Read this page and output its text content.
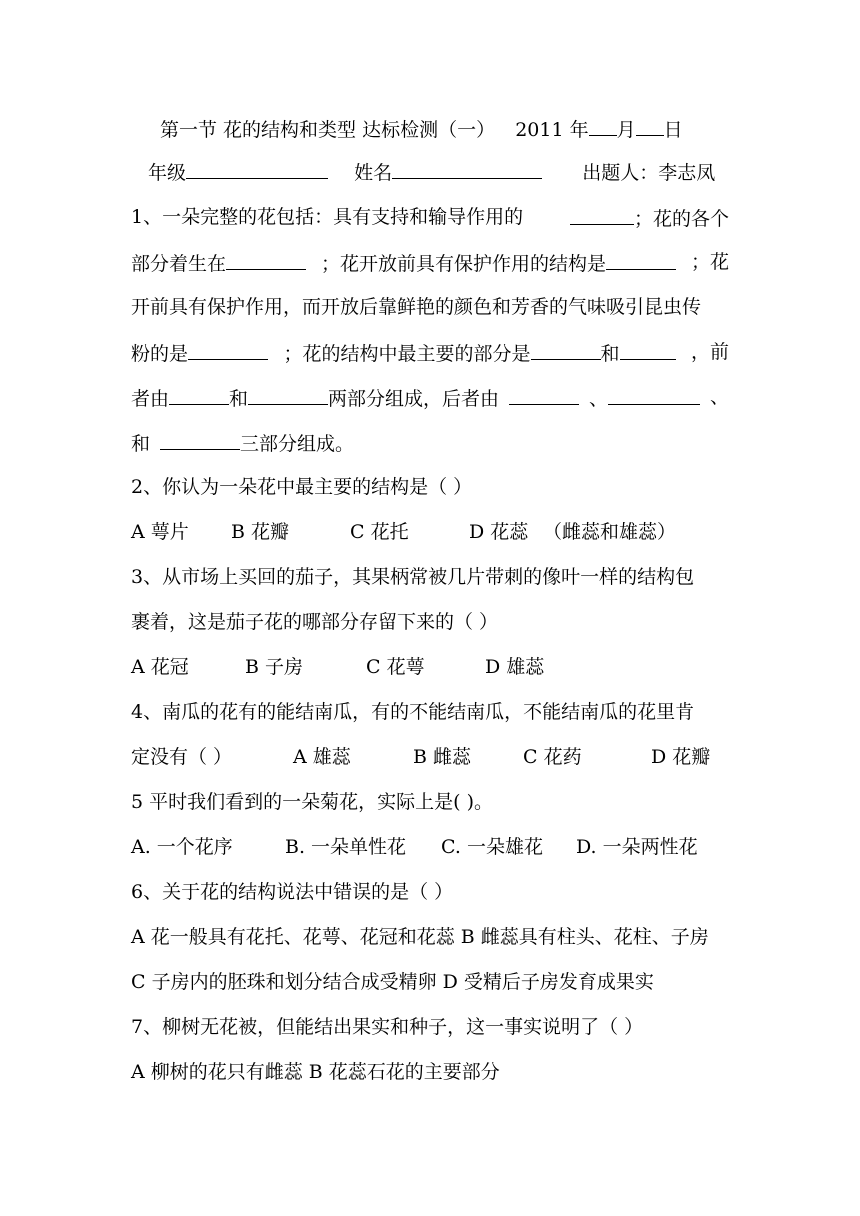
第一节 花的结构和类型 达标检测（一） 2011 年 月 日
年级	姓名	出题人：李志凤
1、一朵完整的花包括：具有支持和输导作用的	；花的各个
部分着生在	；花开放前具有保护作用的结构是	；花
开前具有保护作用，而开放后靠鲜艳的颜色和芳香的气味吸引昆虫传
粉的是	；花的结构中最主要的部分是	和	，前
者由	和	两部分组成，后者由	、	、
和	三部分组成。
2、你认为一朵花中最主要的结构是（ ）
A 萼片 B 花瓣	C 花托	D 花蕊 （雌蕊和雄蕊）
3、从市场上买回的茄子，其果柄常被几片带刺的像叶一样的结构包
裹着，这是茄子花的哪部分存留下来的（ ）
A 花冠	B 子房	C 花萼	D 雄蕊
4、南瓜的花有的能结南瓜，有的不能结南瓜，不能结南瓜的花里肯
定没有（ ）	A 雄蕊	B 雌蕊	C 花药	D 花瓣
5 平时我们看到的一朵菊花，实际上是( )。
A. 一个花序	B. 一朵单性花 C. 一朵雄花 D. 一朵两性花
6、关于花的结构说法中错误的是（ ）
A 花一般具有花托、花萼、花冠和花蕊 B 雌蕊具有柱头、花柱、子房
C 子房内的胚珠和划分结合成受精卵 D 受精后子房发育成果实
7、柳树无花被，但能结出果实和种子，这一事实说明了（ ）
A 柳树的花只有雌蕊 B 花蕊石花的主要部分
